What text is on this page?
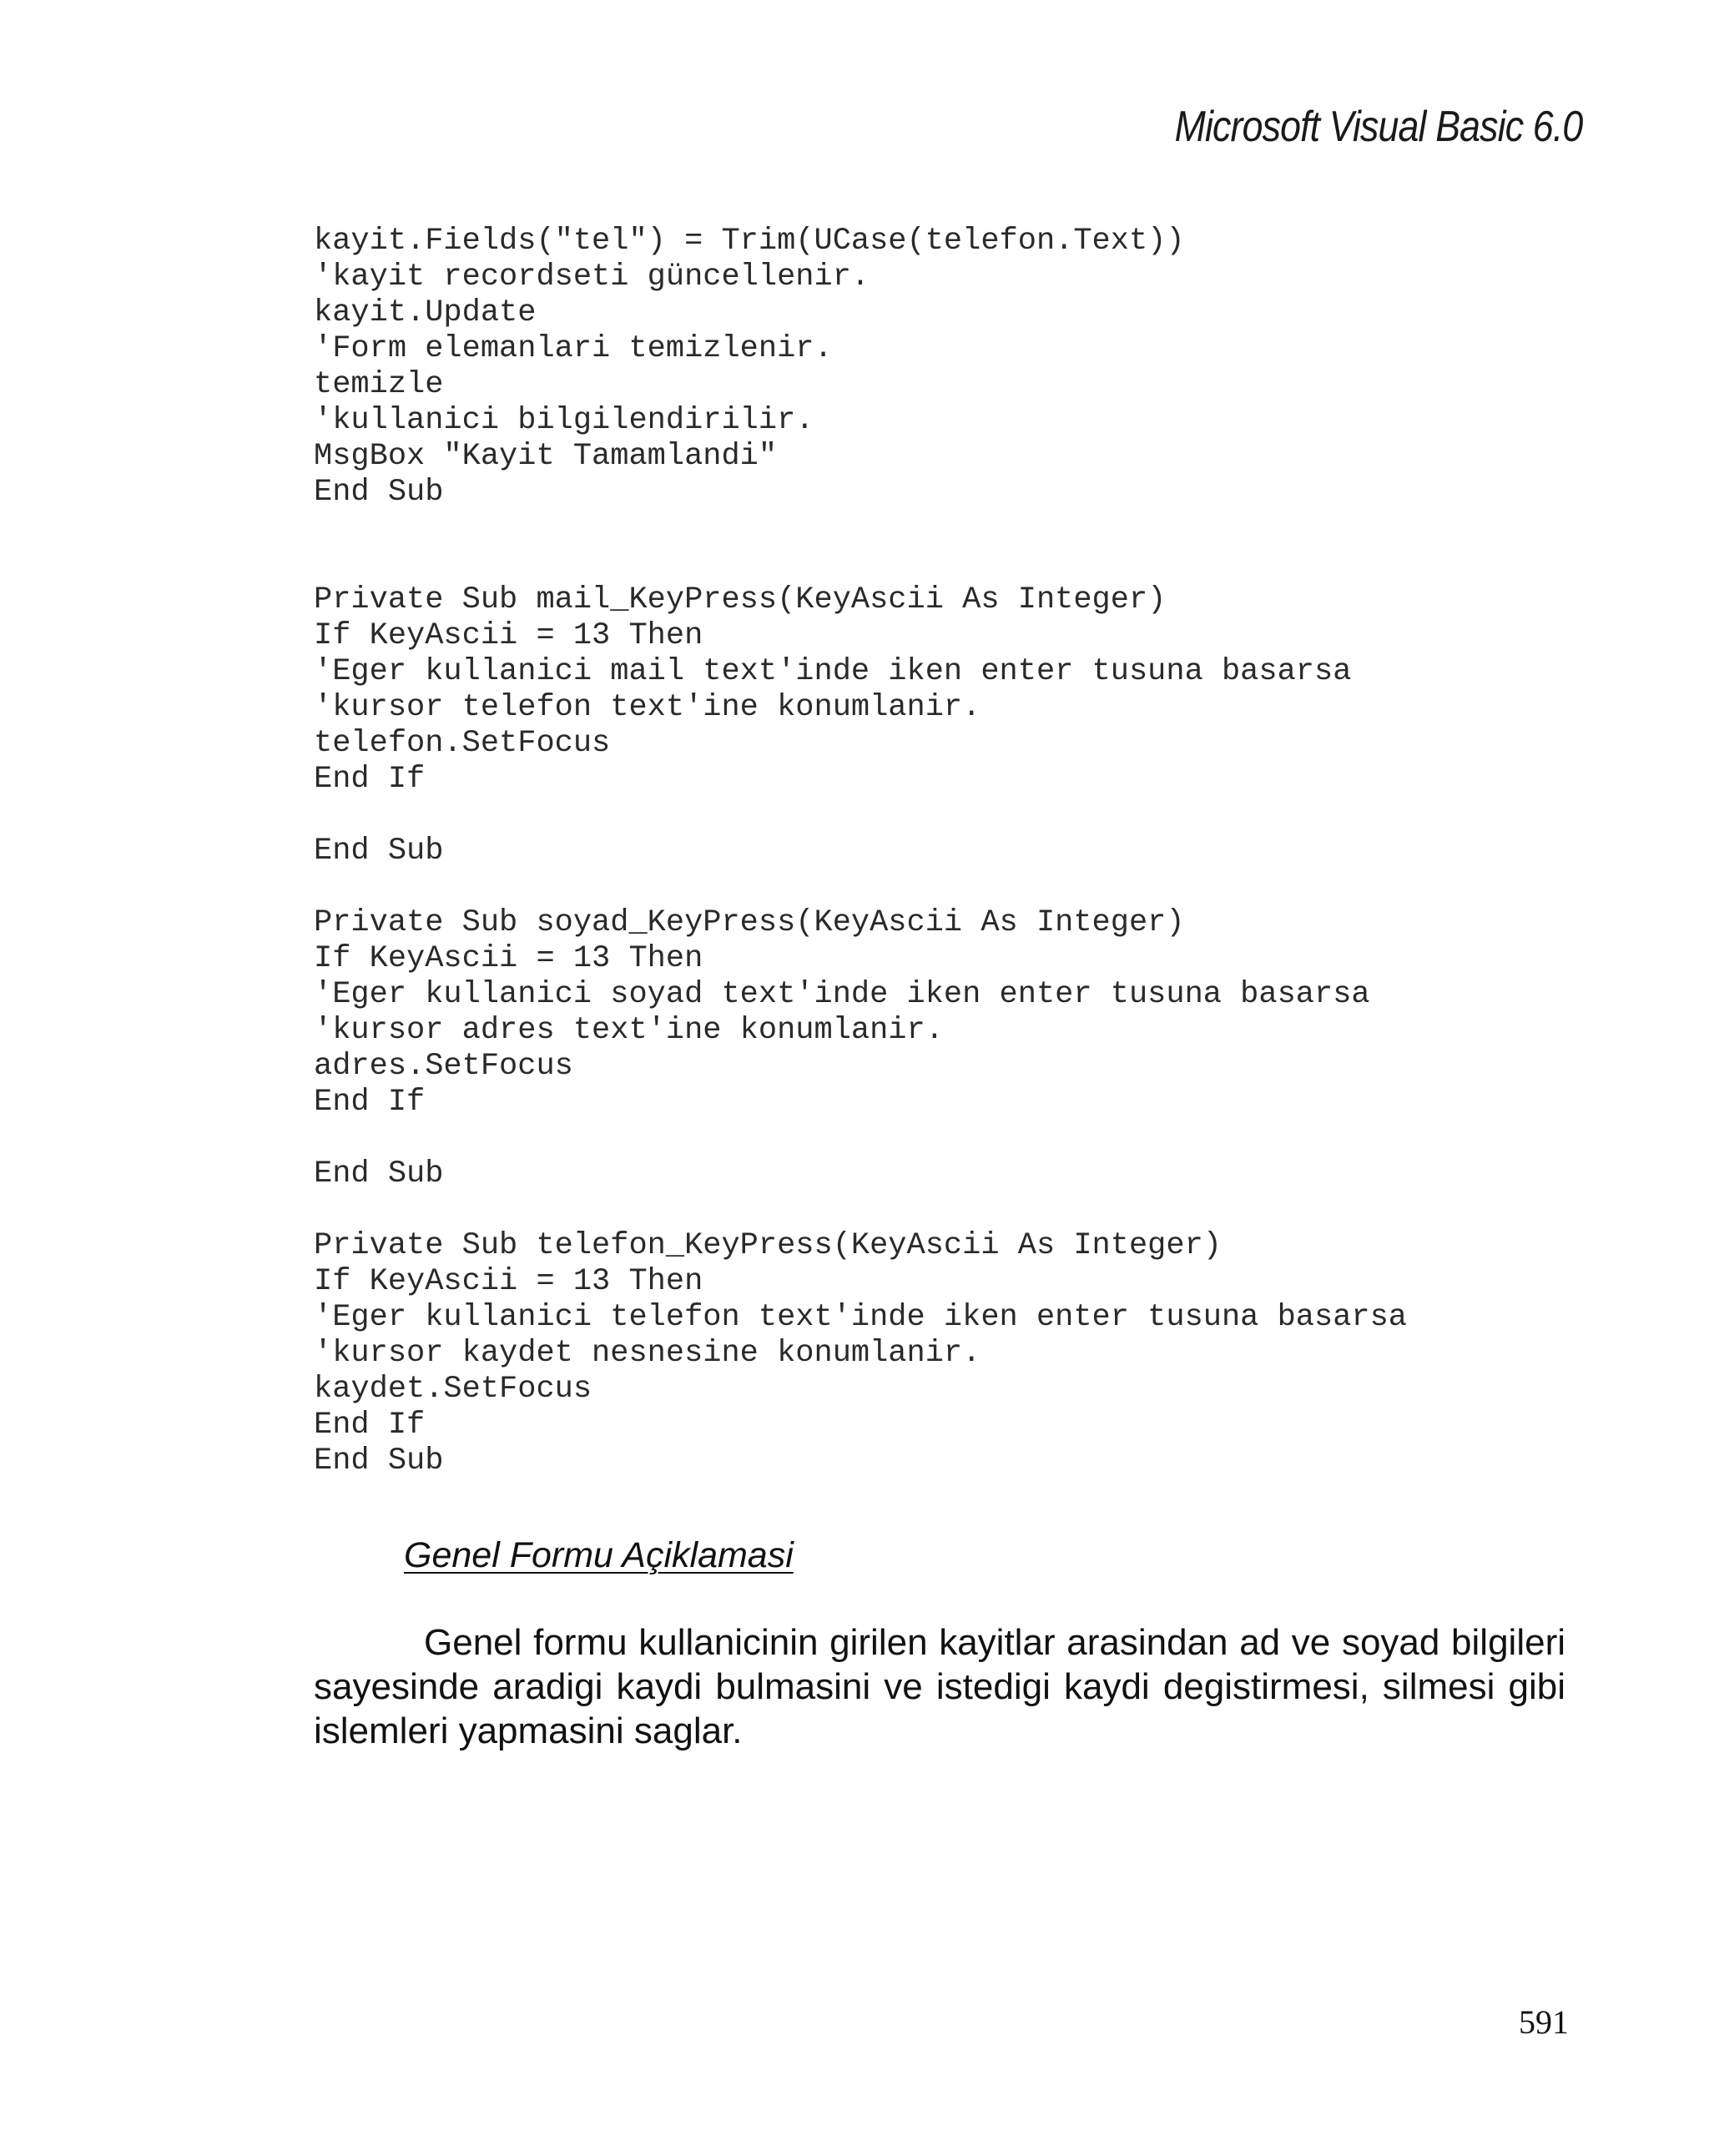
Microsoft Visual Basic 6.0
kayit.Fields("tel") = Trim(UCase(telefon.Text))
'kayit recordseti güncellenir.
kayit.Update
'Form elemanlari temizlenir.
temizle
'kullanici bilgilendirilir.
MsgBox "Kayit Tamamlandi"
End Sub
Private Sub mail_KeyPress(KeyAscii As Integer)
If KeyAscii = 13 Then
'Eger kullanici mail text'inde iken enter tusuna basarsa
'kursor telefon text'ine konumlanir.
telefon.SetFocus
End If
End Sub
Private Sub soyad_KeyPress(KeyAscii As Integer)
If KeyAscii = 13 Then
'Eger kullanici soyad text'inde iken enter tusuna basarsa
'kursor adres text'ine konumlanir.
adres.SetFocus
End If
End Sub
Private Sub telefon_KeyPress(KeyAscii As Integer)
If KeyAscii = 13 Then
'Eger kullanici telefon text'inde iken enter tusuna basarsa
'kursor kaydet nesnesine konumlanir.
kaydet.SetFocus
End If
End Sub
Genel Formu Açiklamasi

Genel formu kullanicinin girilen kayitlar arasindan ad ve soyad bilgileri sayesinde aradigi kaydi bulmasini ve istedigi kaydi degistirmesi, silmesi gibi islemleri yapmasini saglar.

591
